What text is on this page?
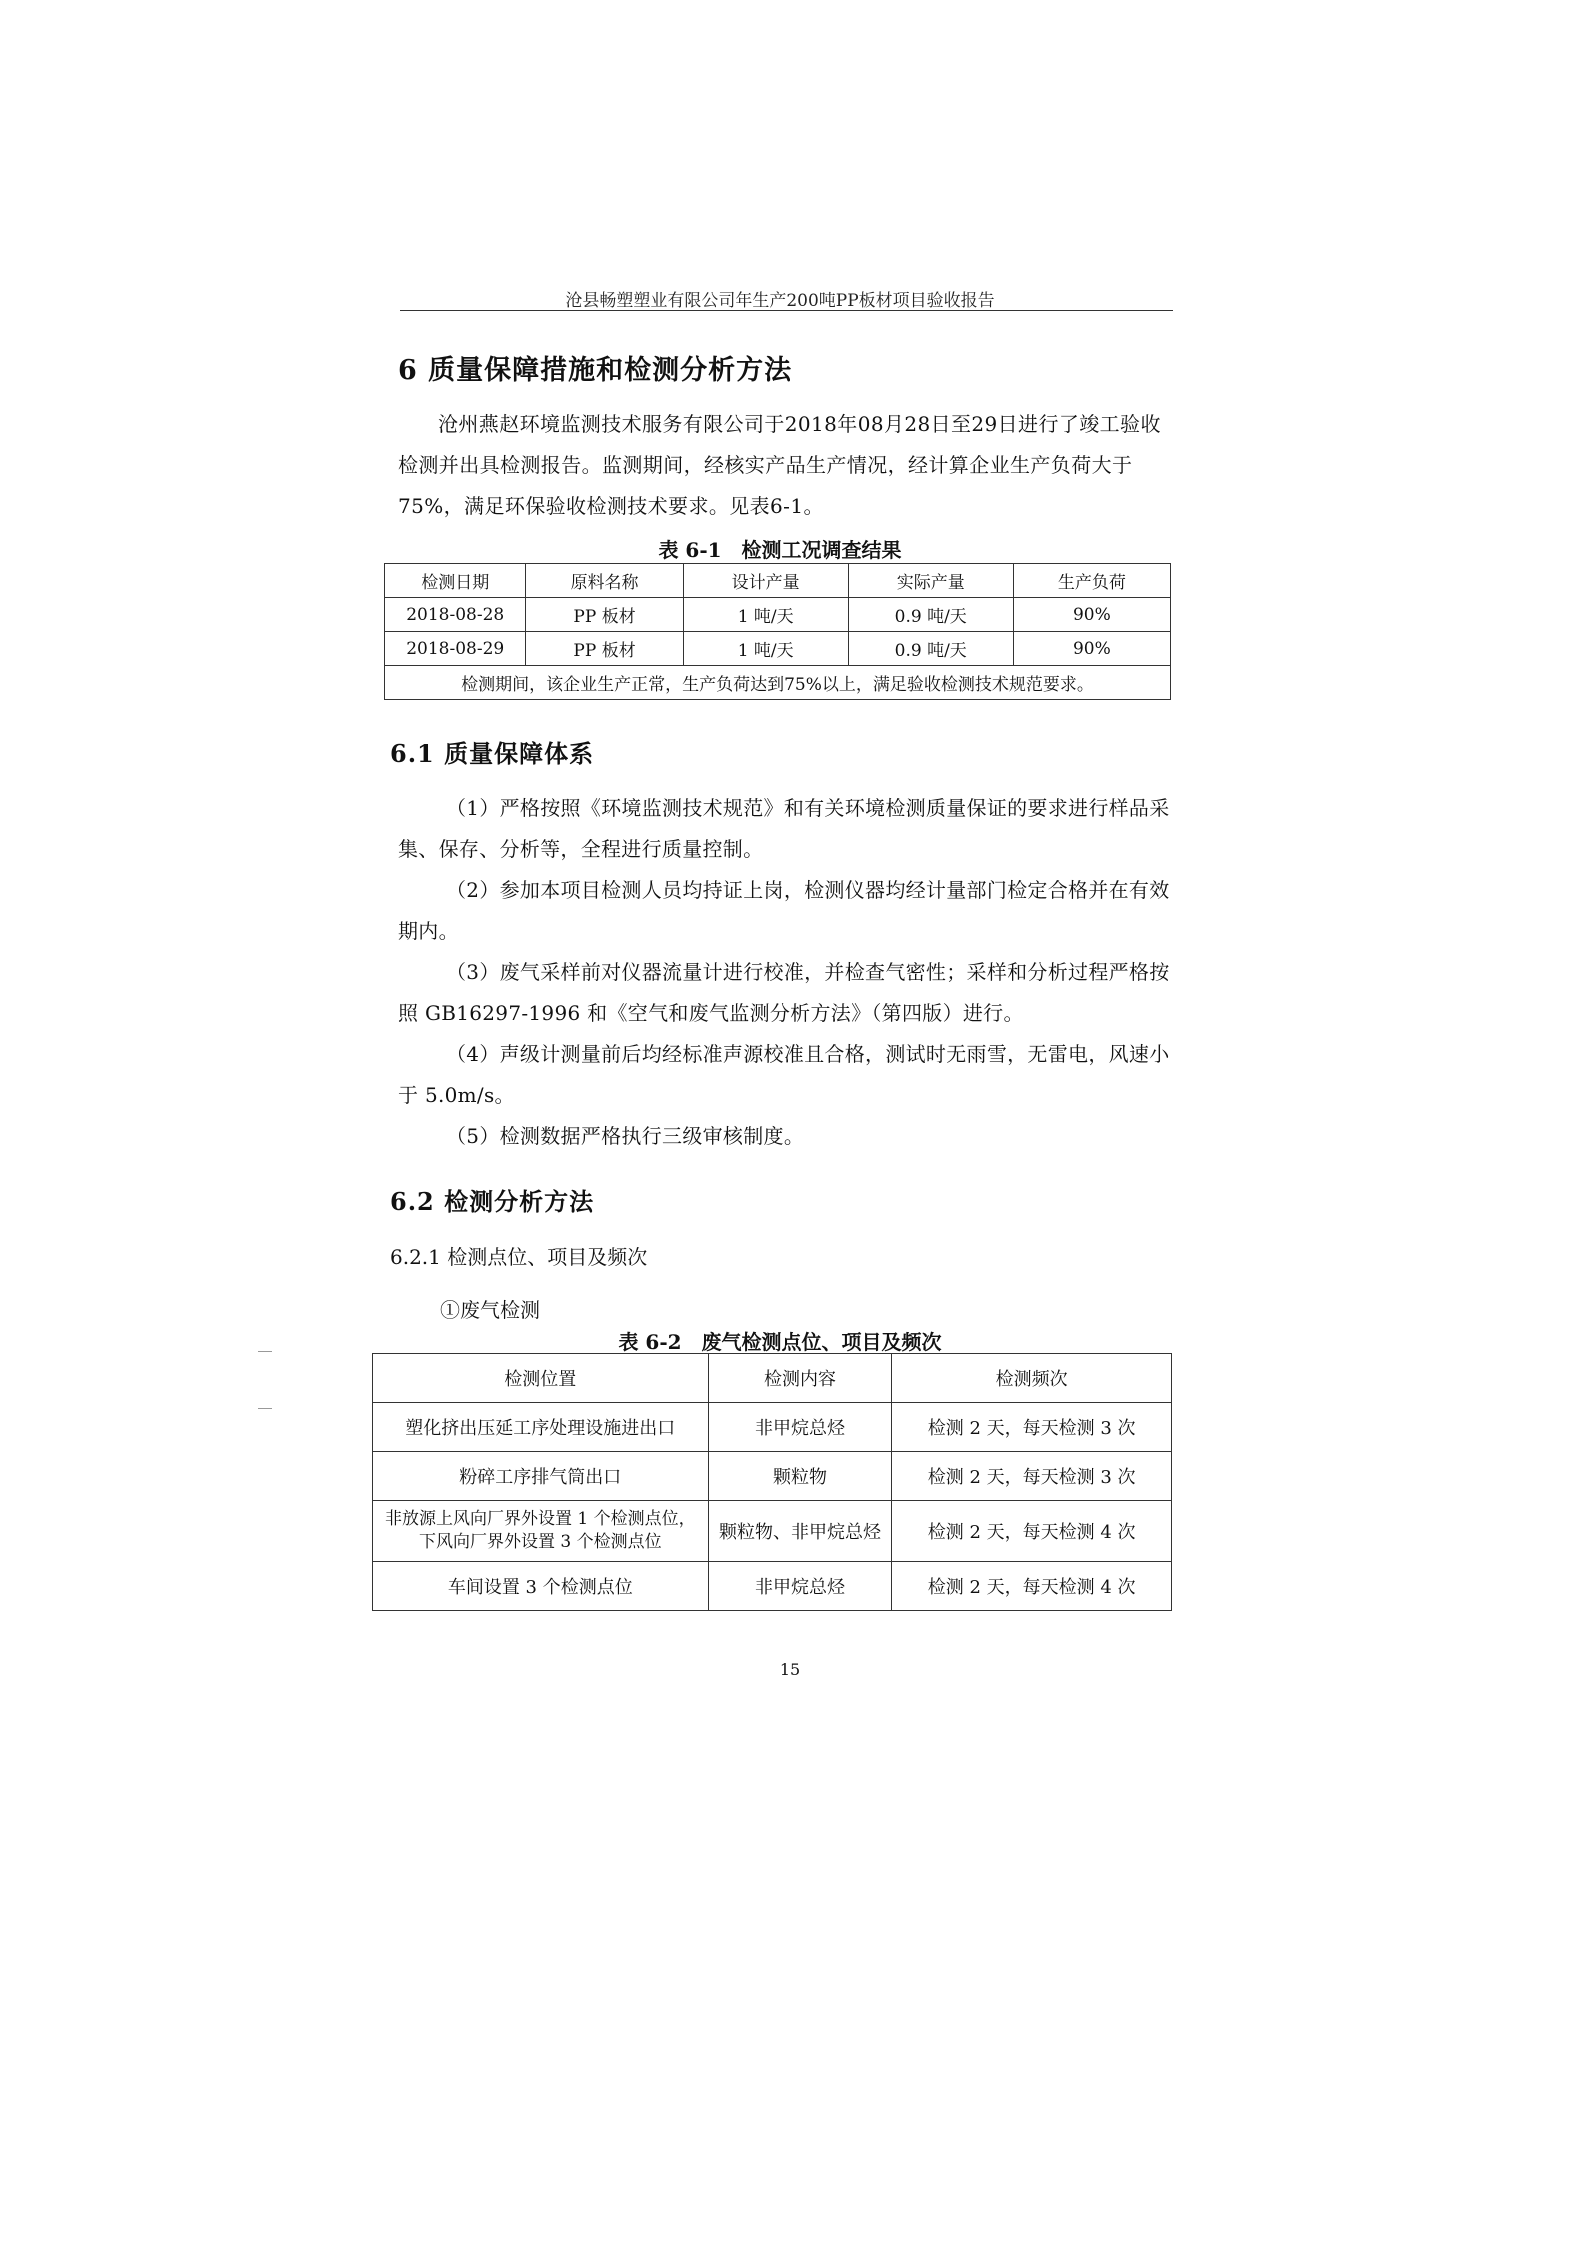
沧县畅塑塑业有限公司年生产200吨PP板材项目验收报告
6 质量保障措施和检测分析方法
沧州燕赵环境监测技术服务有限公司于2018年08月28日至29日进行了竣工验收检测并出具检测报告。监测期间，经核实产品生产情况，经计算企业生产负荷大于75%，满足环保验收检测技术要求。见表6-1。
表 6-1　检测工况调查结果
检测日期	原料名称	设计产量	实际产量	生产负荷
2018-08-28	PP 板材	1 吨/天	0.9 吨/天	90%
2018-08-29	PP 板材	1 吨/天	0.9 吨/天	90%
检测期间，该企业生产正常，生产负荷达到75%以上，满足验收检测技术规范要求。				
6.1 质量保障体系
（1）严格按照《环境监测技术规范》和有关环境检测质量保证的要求进行样品采集、保存、分析等，全程进行质量控制。
（2）参加本项目检测人员均持证上岗，检测仪器均经计量部门检定合格并在有效期内。
（3）废气采样前对仪器流量计进行校准，并检查气密性；采样和分析过程严格按照 GB16297-1996 和《空气和废气监测分析方法》（第四版）进行。
（4）声级计测量前后均经标准声源校准且合格，测试时无雨雪，无雷电，风速小于 5.0m/s。
（5）检测数据严格执行三级审核制度。
6.2 检测分析方法
6.2.1 检测点位、项目及频次
①废气检测
表 6-2　废气检测点位、项目及频次
检测位置	检测内容	检测频次
塑化挤出压延工序处理设施进出口	非甲烷总烃	检测 2 天，每天检测 3 次
粉碎工序排气筒出口	颗粒物	检测 2 天，每天检测 3 次

非放源上风向厂界外设置 1 个检测点位，
下风向厂界外设置 3 个检测点位	颗粒物、非甲烷总烃	检测 2 天，每天检测 4 次
车间设置 3 个检测点位	非甲烷总烃	检测 2 天，每天检测 4 次
15
